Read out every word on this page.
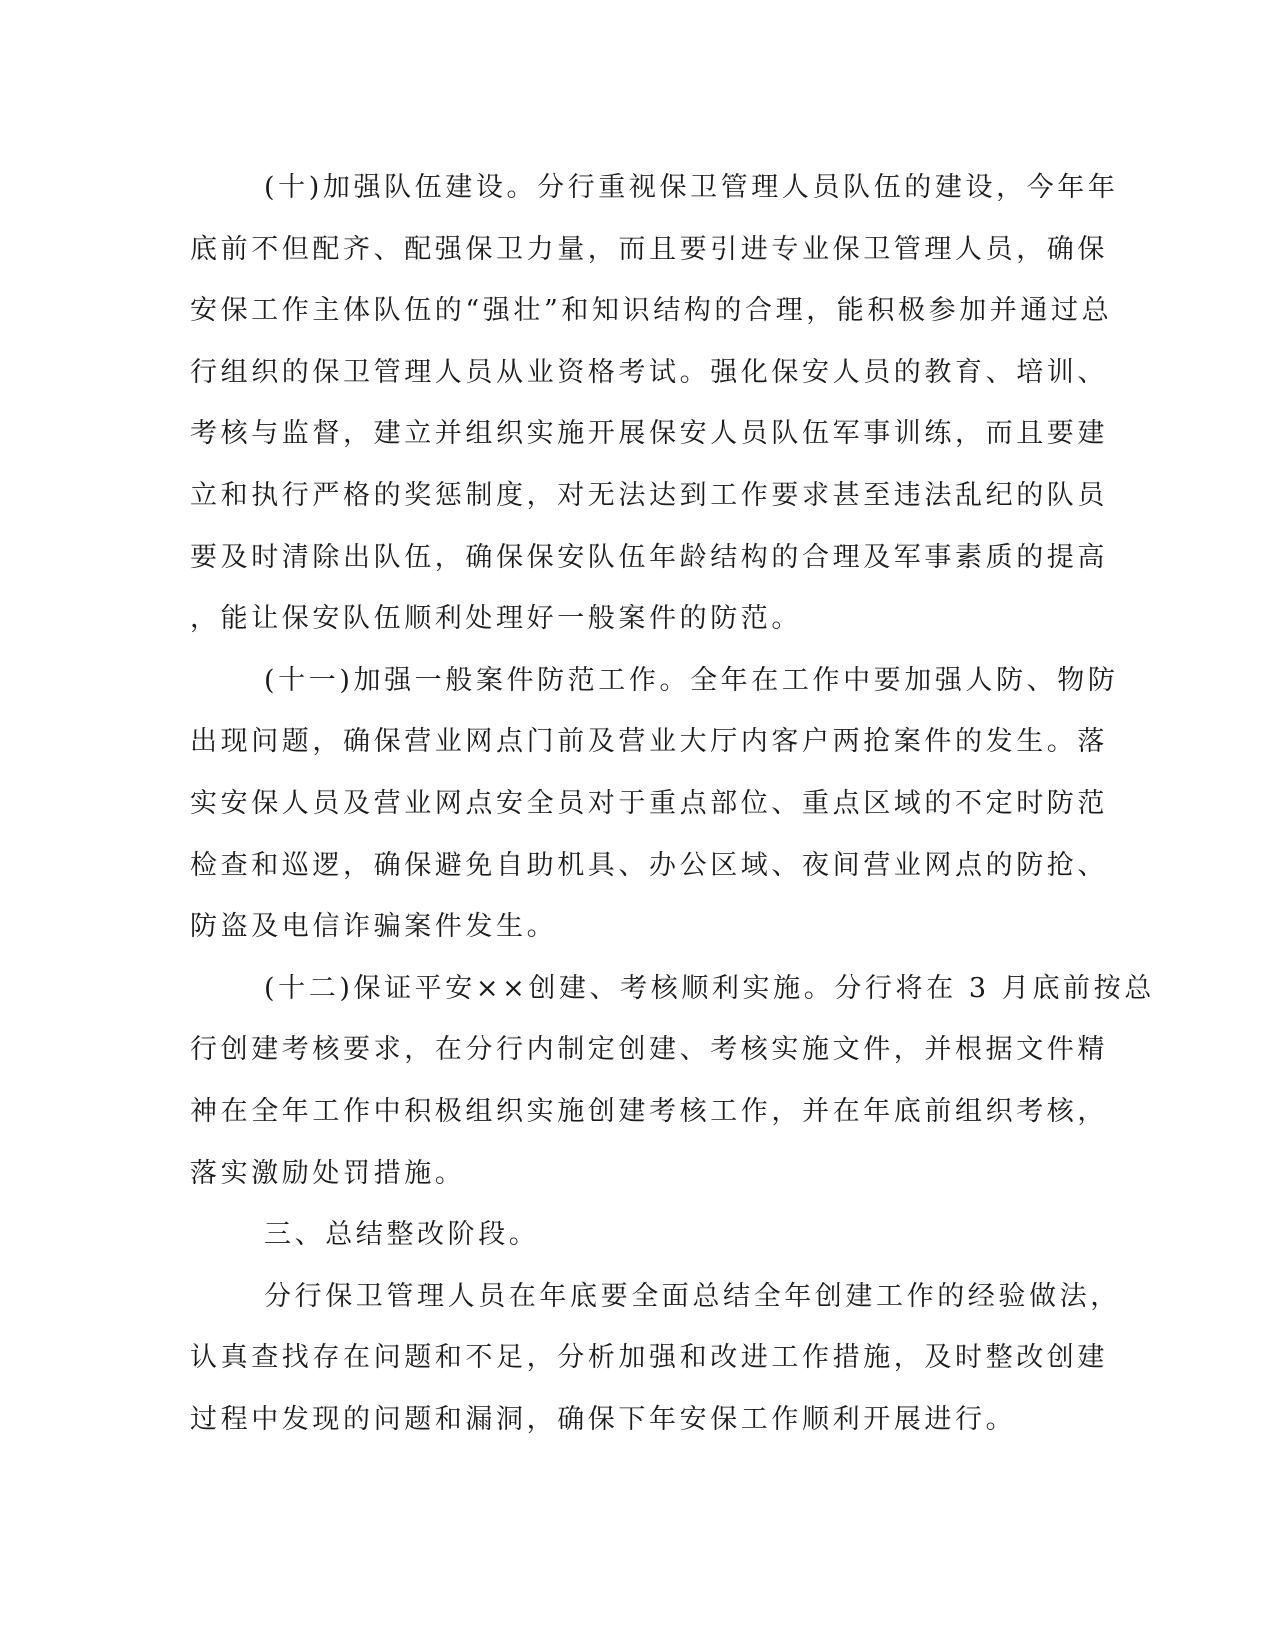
(十)加强队伍建设。分行重视保卫管理人员队伍的建设，今年年
底前不但配齐、配强保卫力量，而且要引进专业保卫管理人员，确保
安保工作主体队伍的“强壮”和知识结构的合理，能积极参加并通过总
行组织的保卫管理人员从业资格考试。强化保安人员的教育、培训、
考核与监督，建立并组织实施开展保安人员队伍军事训练，而且要建
立和执行严格的奖惩制度，对无法达到工作要求甚至违法乱纪的队员
要及时清除出队伍，确保保安队伍年龄结构的合理及军事素质的提高
，能让保安队伍顺利处理好一般案件的防范。
(十一)加强一般案件防范工作。全年在工作中要加强人防、物防
出现问题，确保营业网点门前及营业大厅内客户两抢案件的发生。落
实安保人员及营业网点安全员对于重点部位、重点区域的不定时防范
检查和巡逻，确保避免自助机具、办公区域、夜间营业网点的防抢、
防盗及电信诈骗案件发生。
(十二)保证平安××创建、考核顺利实施。分行将在 3 月底前按总
行创建考核要求，在分行内制定创建、考核实施文件，并根据文件精
神在全年工作中积极组织实施创建考核工作，并在年底前组织考核，
落实激励处罚措施。
三、总结整改阶段。
分行保卫管理人员在年底要全面总结全年创建工作的经验做法，
认真查找存在问题和不足，分析加强和改进工作措施，及时整改创建
过程中发现的问题和漏洞，确保下年安保工作顺利开展进行。
